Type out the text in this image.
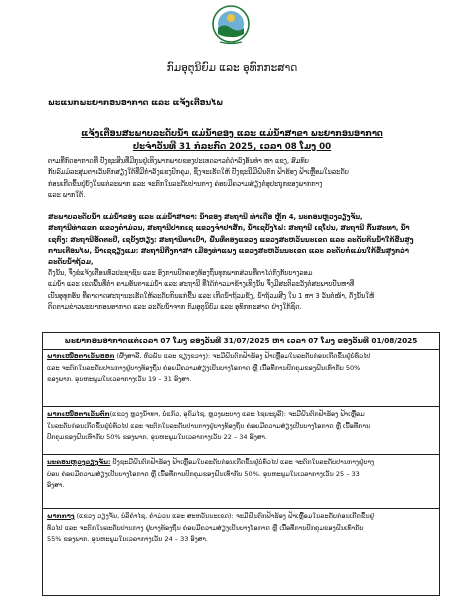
ກົມອຸຕຸນິຍົມ ແລະ ອຸທົກກະສາດ
ພະແນກພະຍາກອນອາກາດ ແລະ ແຈ້ງເຕືອນໄພ
ແຈ້ງເຕືອນສະພາບລະດັບນ້ຳ ແມ່ນ້ຳຂອງ ແລະ ແມ່ນ້ຳສາຂາ ພະຍາກອນອາກາດ
ປະຈຳວັນທີ 31 ກໍລະກົດ 2025, ເວລາ 08 ໂມງ 00
ຕາມທີ່ກົດອາກາດທີ່ ປັງຊະສິນທີ່ມີກຸນຢູ່ເທິງພາກພາຍຂອງປະເທດລາວຕໍ່ດຳລົງອັນທຳ ຫາ ແຂງ, ສົມທົບ
ກັບລົມມໍລະສຸມຕາເວັນຕົກສຽງໃຕ້ທີ່ມີກຳລັງແຮງປົກຄຸມ, ຊຶ່ງຈະເຮັດໃຫ້ ປັງຊະນີມີຝົນຕົກ ຟ້າຮ້ອງ ຟ້າເຫຼື້ອມໃນລະດັບ
ກ່ອນເກີດຂຶ້ນຢູ່ບັງໃນແຕ່ລະພາກ ແລະ ຈະຕົກໃນລະດັບປານກາງ ຄ່ອຍມີຄວາມສ່ຽງຕໍ່ອຸປະຖຸກຂອງພາກກາງ
ແລະ ພາກໃຕ້.
ສະພາບລະດັບນ້ຳ ແມ່ນ້ຳຂອງ ແລະ ແມ່ນ້ຳສາຂາ: ນ້ຳຂອງ ສະຖານີ ທ່າເດື່ອ ຫຼັກ 4, ນະຄອນຫຼວງວຽງຈັນ,
ສະຖານີທ່າແຂກ ແຂວງຄຳມ່ວນ, ສະຖານີປາກເຊ ແຂວງຈຳປາສັກ, ນ້ຳເຊບັ້ງໄຟ: ສະຖານີ ເຊໂປນ, ສະຖານີ ກົ້ນສະທາ, ນ້ຳ
ເຊກົງ: ສະຖານີອັດຕະປື, ເຊບັ້ງຫຽງ: ສະຖານີທາເປົາ, ພື້ນທີ່ຕອງແຂວງ ແຂວງສະຫວັນນະເຂດ ແລະ ລະດັບກິນນ້ຳໃກ້ຂື້ນສູງ
ການເຕືອນໄພ, ນ້ຳເຊຊຽງແມ: ສະຖານີກີ່ງກາສາ ເມືອງທ່າແພງ ແຂວງສະຫວັນນະເຂດ ແລະ ລະດັບກໍ່ແມ່ນໃກ້ຂື້ນສູງກວ່າ
ລະດັບນ້ຳຖ້ວມ,
ດັ່ງນັ້ນ, ຈຶ່ງຂໍແຈ້ງເຕືອນທົ່ວປະຊາຊົນ ແລະ ອົງການປົກຄອງທ້ອງຖິ່ນທຸກພາກສ່ວນທີ່ຕາໄດ່ກົງກັບບາງລອມ
ແມ່ນ້ຳ ແລະ ເຂດພື້ນທີ່ຕ່ຳ ຄາມອັນຕາແມ່ນ້ຳ ແລະ ສະຖານີ ທີ່ໄດ້ກ່າວມາຂ້າງເທິງນັ້ນ ຈຶ່ງມີສະຕິລະວັງຕໍ່ສະພາບປັນຫາທີ່
ເປັນອຸທຸກອັນ ທີ່ຄາດາດສະຖານະເຮັດໃຫ້ລະດັບກິນແກ່ຂື້ນ ແລະ ເກີດນ້ຳຖ້ວມຂັງ, ນ້ຳຖ້ວມສີງ ໃນ 1 ຫາ 3 ວັນຕໍ່ໜ້າ, ດັ່ງນັ້ນໃຫ້
ຕິດຕາມຂ່າວພະຍາກອນອາກາດ ແລະ ລະດັບນ້ຳຈາກ ກົມອຸຕຸນິຍົມ ແລະ ອຸທົກກະສາດ ຢ່າງໃກ້ຊິດ.
ພະຍາກອນອາກາດແຕ່ເວລາ 07 ໂມງ ຂອງວັນທີ 31/07/2025 ຫາ ເວລາ 07 ໂມງ ຂອງວັນທີ 01/08/2025
ພາກເໜືອຕາເວັນອອກ (ຜົ້ງສາລີ, ຫົວພັນ ແລະ ຊຽງຂວາງ): ຈະມີຝົນຕົກຟ້າຮ້ອງ ຟ້າເຫຼື້ອມໃນລະດັບກ່ອນເກີດຂຶ້ນຢູ່ບໍ່ທົ່ວໄປ
ແລະ ຈະຕົກໃນລະດັບປານກາງຢູ່ບາງທ້ອງຖິ່ນ ຄ່ອຍມີຄວາມສ່ຽງເປັນບາງໂອກາດ ຫຼື ເນື້ອທີ່ການປົກຄຸມຂອງຝົນເທົ່າກັບ 50%
ຂອງພາກ. ອຸນຫະພູມໃນເວລາກາງເວັນ 19 – 31 ອົງສາ.
ພາກເໜືອຕາເວັນຕົກ(ແຂວງ ຫຼວງນ້ຳທາ, ບໍ່ແກ້ວ, ອຸດົມໄຊ, ຫຼວງພະບາງ ແລະ ໄຊຍະບູລີ): ຈະມີຝົນຕົກຟ້າຮ້ອງ ຟ້າເຫຼື້ອມ
ໃນລະດັບກ່ອນເກີດຂຶ້ນຢູ່ບໍ່ທົ່ວໄປ ແລະ ຈະຕົກໃນລະດັບປານກາງຢູ່ບາງທ້ອງຖິ່ນ ຄ່ອຍມີຄວາມສ່ຽງເປັນບາງໂອກາດ ຫຼື ເນື້ອທີ່ການ
ປົກຄຸມຂອງຝົນເທົ່າກັບ 50% ຂອງພາກ. ອຸນຫະພູມໃນເວລາກາງເວັນ 22 – 34 ອົງສາ.
ນະຄອນຫຼວງວຽງຈັນ: ປັງຊະມີຝົນຕົກຟ້າຮ້ອງ ຟ້າເຫຼື້ອມໃນລະດັບກ່ອນເກີດຂຶ້ນຢູ່ບໍ່ທົ່ວໄປ ແລະ ຈະຕົກໃນລະດັບປານກາງຢູ່ບາງ
ບ່ອນ ຄ່ອຍມີຄວາມສ່ຽງເປັນບາງໂອກາດ ຫຼື ເນື້ອທີ່ການປົກຄຸມຂອງຝົນເທົ່າກັບ 50%. ອຸນຫະພູມໃນເວລາກາງເວັນ 25 – 33
ອົງສາ.
ພາກກາງ (ແຂວງ ວຽງຈັນ, ບໍລິຄຳໄຊ, ຄຳມ່ວນ ແລະ ສະຫວັນນະເຂດ): ຈະມີຝົນຕົກຟ້າຮ້ອງ ຟ້າເຫຼື້ອມໃນລະດັບກ່ອນເກີດຂຶ້ນຢູ່
ທົ່ວໄປ ແລະ ຈະຕົກໃນລະດັບປານກາງ ຢູ່ບາງທ້ອງຖິ່ນ ຄ່ອຍມີຄວາມສ່ຽງເປັນບາງໂອກາດ ຫຼື ເນື້ອທີ່ການປົກຄຸມຂອງຝົນເທົ່າກັບ
55% ຂອງພາກ. ອຸນຫະພູມໃນເວລາກາງເວັນ 24 – 33 ອົງສາ.
